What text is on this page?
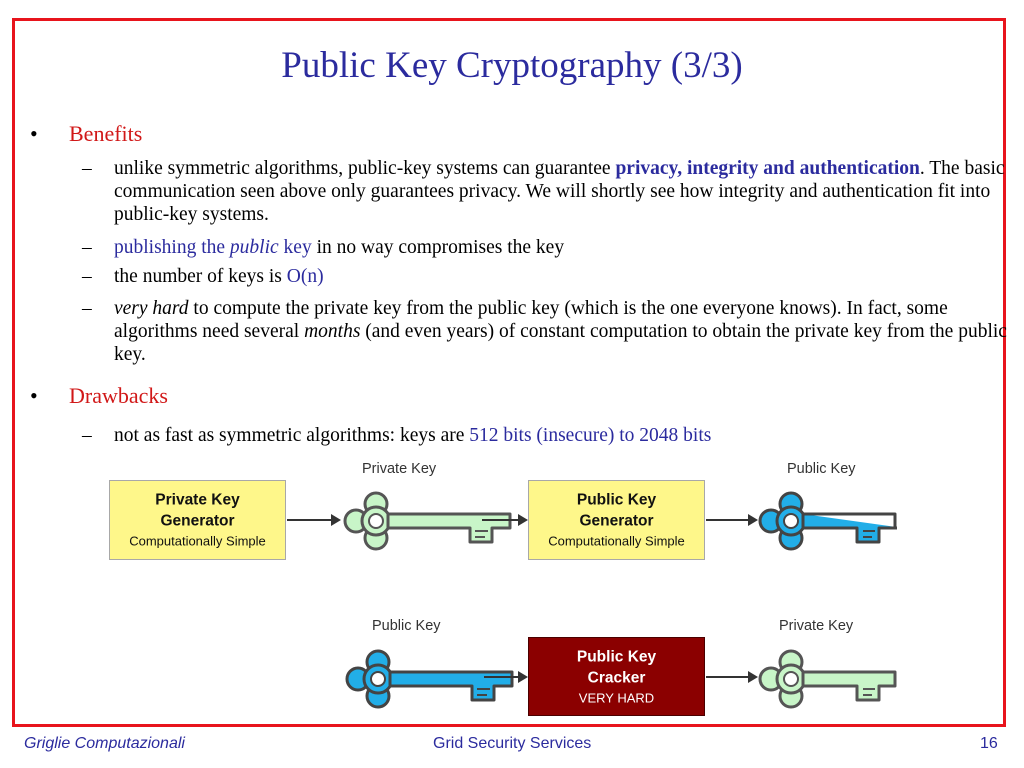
Public Key Cryptography (3/3)
• Benefits
– unlike symmetric algorithms, public-key systems can guarantee privacy, integrity and authentication. The basic communication seen above only guarantees privacy. We will shortly see how integrity and authentication fit into public-key systems.
– publishing the public key in no way compromises the key
– the number of keys is O(n)
– very hard to compute the private key from the public key (which is the one everyone knows). In fact, some algorithms need several months (and even years) of constant computation to obtain the private key from the public key.
• Drawbacks
– not as fast as symmetric algorithms: keys are 512 bits (insecure) to 2048 bits
Private Key
Generator
Computationally Simple
Private Key
Public Key
Generator
Computationally Simple
Public Key
Public Key
Public Key
Cracker
VERY HARD
Private Key
Griglie Computazionali	Grid Security Services	16
